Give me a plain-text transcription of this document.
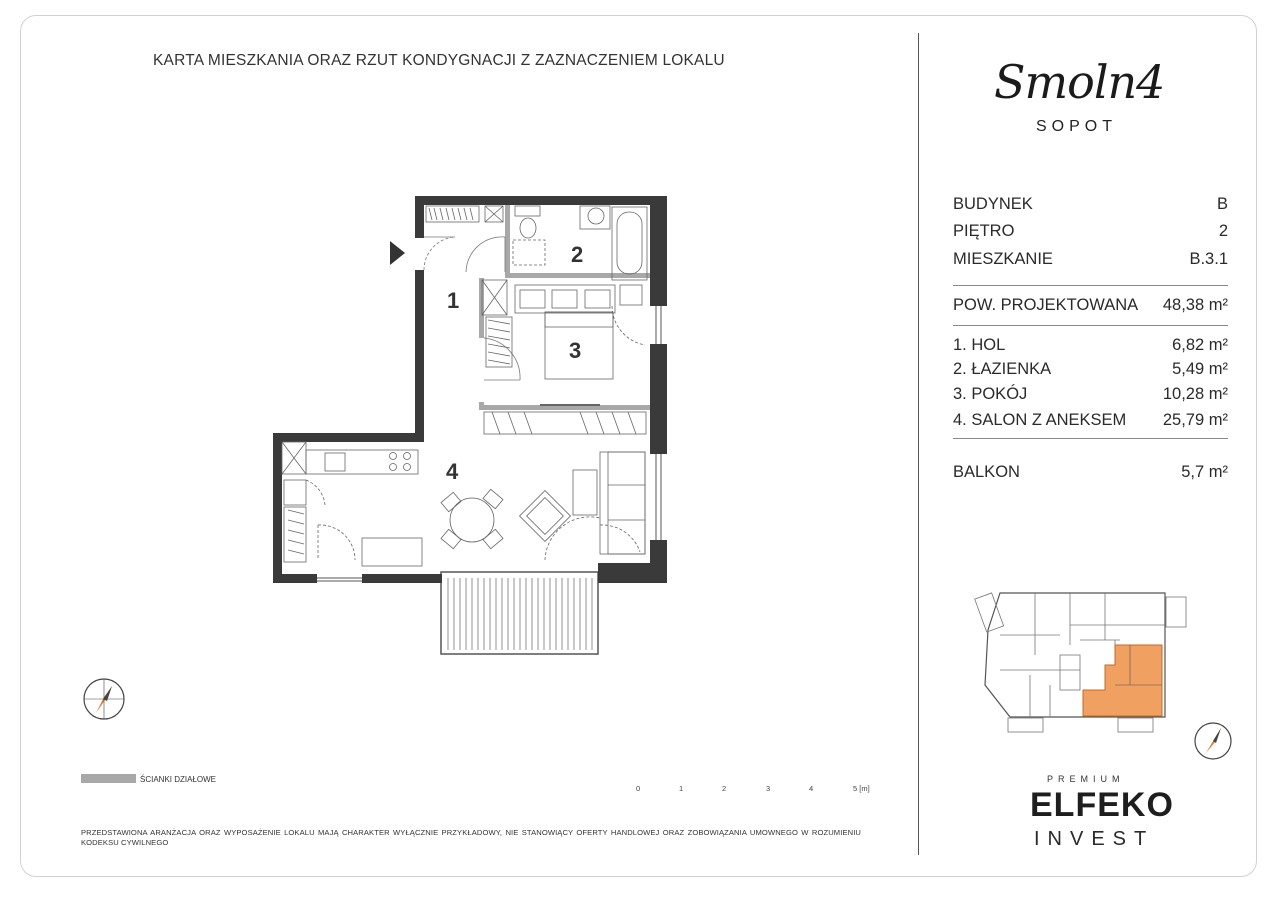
KARTA MIESZKANIA ORAZ RZUT KONDYGNACJI Z ZAZNACZENIEM LOKALU
1
2
3
4
0	1	2	3	4	5 [m]
ŚCIANKI DZIAŁOWE
PRZEDSTAWIONA ARANŻACJA ORAZ WYPOSAŻENIE LOKALU MAJĄ CHARAKTER WYŁĄCZNIE PRZYKŁADOWY, NIE STANOWIĄCY OFERTY HANDLOWEJ ORAZ ZOBOWIĄZANIA UMOWNEGO W ROZUMIENIU KODEKSU CYWILNEGO
Smoln4
SOPOT
BUDYNEK	B
PIĘTRO	2
MIESZKANIE	B.3.1
POW. PROJEKTOWANA 48,38 m²
1. HOL	6,82 m²
2. ŁAZIENKA	5,49 m²
3. POKÓJ	10,28 m²
4. SALON Z ANEKSEM 25,79 m²
BALKON	5,7 m²
PREMIUM
ELFEKO
INVEST
